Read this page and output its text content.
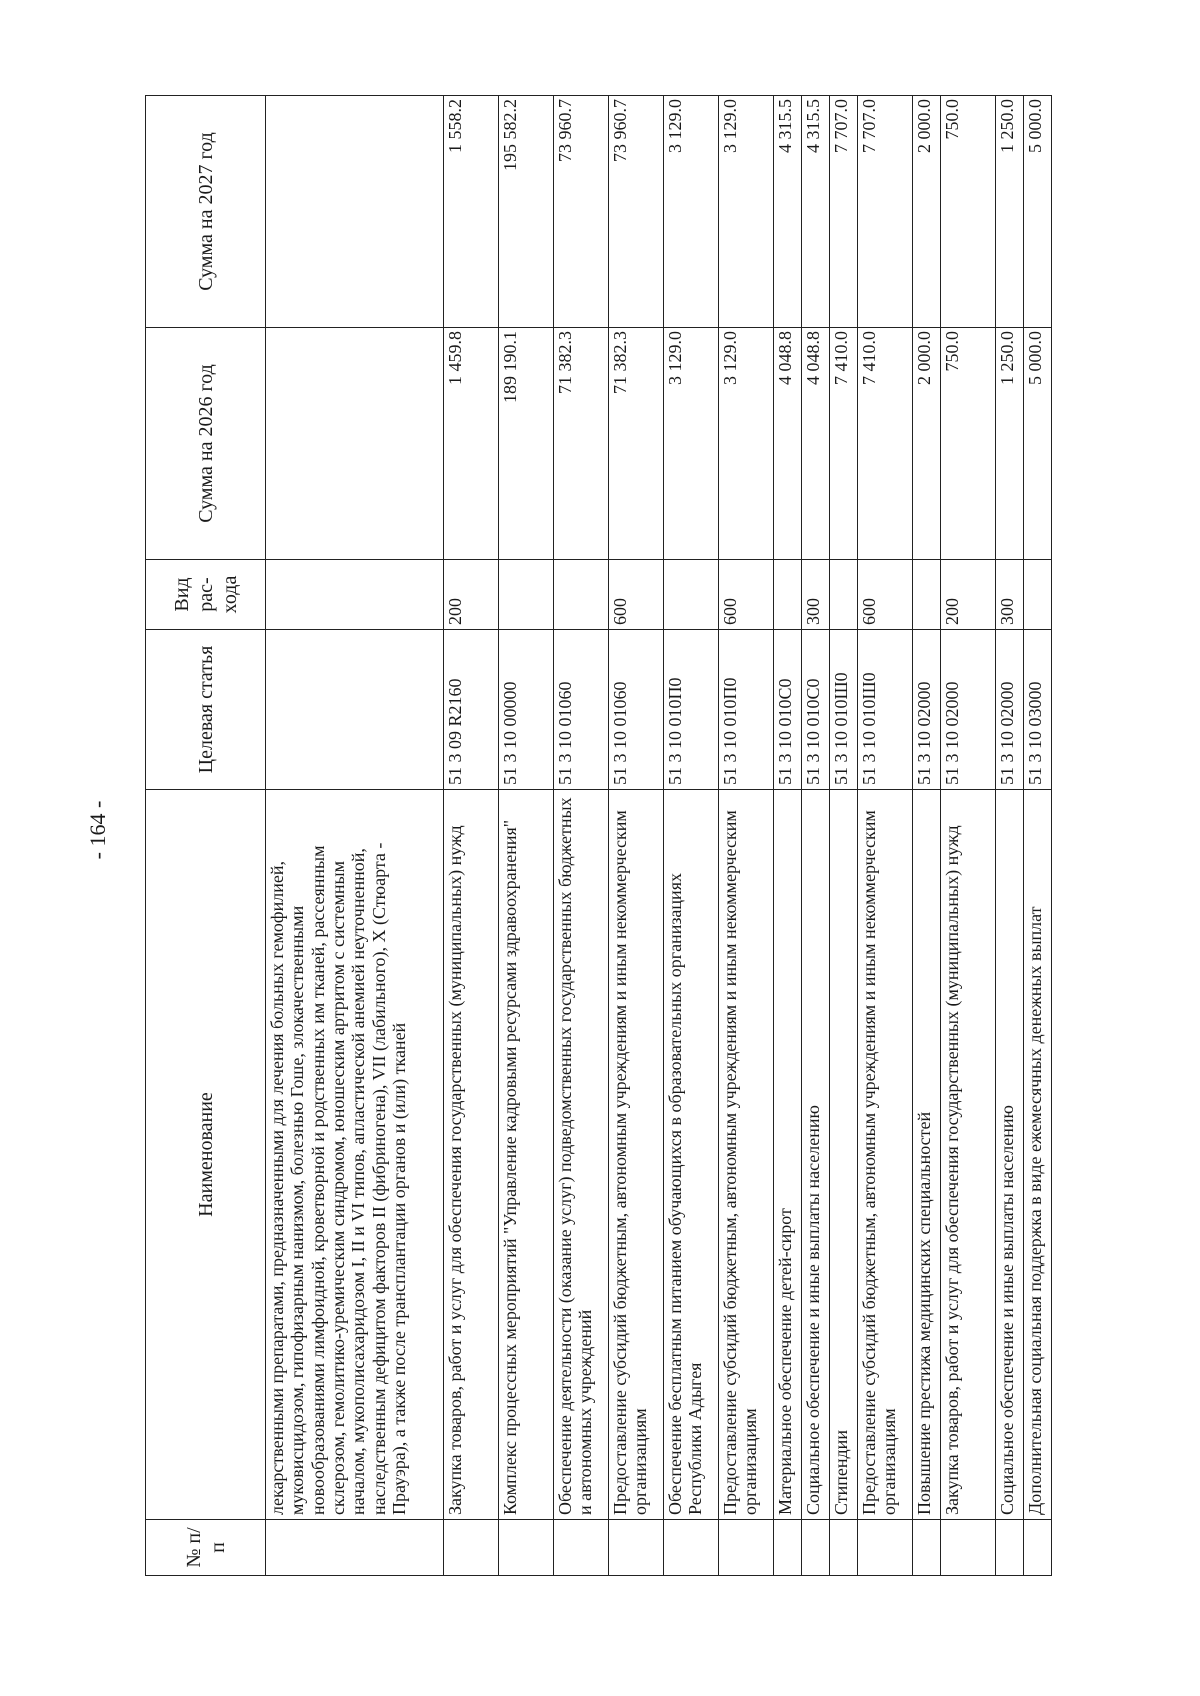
- 164 -
№ п/п	Наименование	Целевая статья	Вид рас-хода	Сумма на 2026 год	Сумма на 2027 год
	лекарственными препаратами, предназначенными для лечения больных гемофилией, муковисцидозом, гипофизарным нанизмом, болезнью Гоше, злокачественными новообразованиями лимфоидной, кроветворной и родственных им тканей, рассеянным склерозом, гемолитико-уремическим синдромом, юношеским артритом с системным началом, мукополисахаридозом I, II и VI типов, апластической анемией неуточненной, наследственным дефицитом факторов II (фибриногена), VII (лабильного), X (Стюарта - Прауэра), а также после трансплантации органов и (или) тканей				
	Закупка товаров, работ и услуг для обеспечения государственных (муниципальных) нужд	51 3 09 R2160	200	1 459.8	1 558.2
	Комплекс процессных мероприятий "Управление кадровыми ресурсами здравоохранения"	51 3 10 00000		189 190.1	195 582.2
	Обеспечение деятельности (оказание услуг) подведомственных государственных бюджетных и автономных учреждений	51 3 10 01060		71 382.3	73 960.7
	Предоставление субсидий бюджетным, автономным учреждениям и иным некоммерческим организациям	51 3 10 01060	600	71 382.3	73 960.7
	Обеспечение бесплатным питанием обучающихся в образовательных организациях Республики Адыгея	51 3 10 010П0		3 129.0	3 129.0
	Предоставление субсидий бюджетным, автономным учреждениям и иным некоммерческим организациям	51 3 10 010П0	600	3 129.0	3 129.0
	Материальное обеспечение детей-сирот	51 3 10 010С0		4 048.8	4 315.5
	Социальное обеспечение и иные выплаты населению	51 3 10 010С0	300	4 048.8	4 315.5
	Стипендии	51 3 10 010Ш0		7 410.0	7 707.0
	Предоставление субсидий бюджетным, автономным учреждениям и иным некоммерческим организациям	51 3 10 010Ш0	600	7 410.0	7 707.0
	Повышение престижа медицинских специальностей	51 3 10 02000		2 000.0	2 000.0
	Закупка товаров, работ и услуг для обеспечения государственных (муниципальных) нужд	51 3 10 02000	200	750.0	750.0
	Социальное обеспечение и иные выплаты населению	51 3 10 02000	300	1 250.0	1 250.0
	Дополнительная социальная поддержка в виде ежемесячных денежных выплат	51 3 10 03000		5 000.0	5 000.0
